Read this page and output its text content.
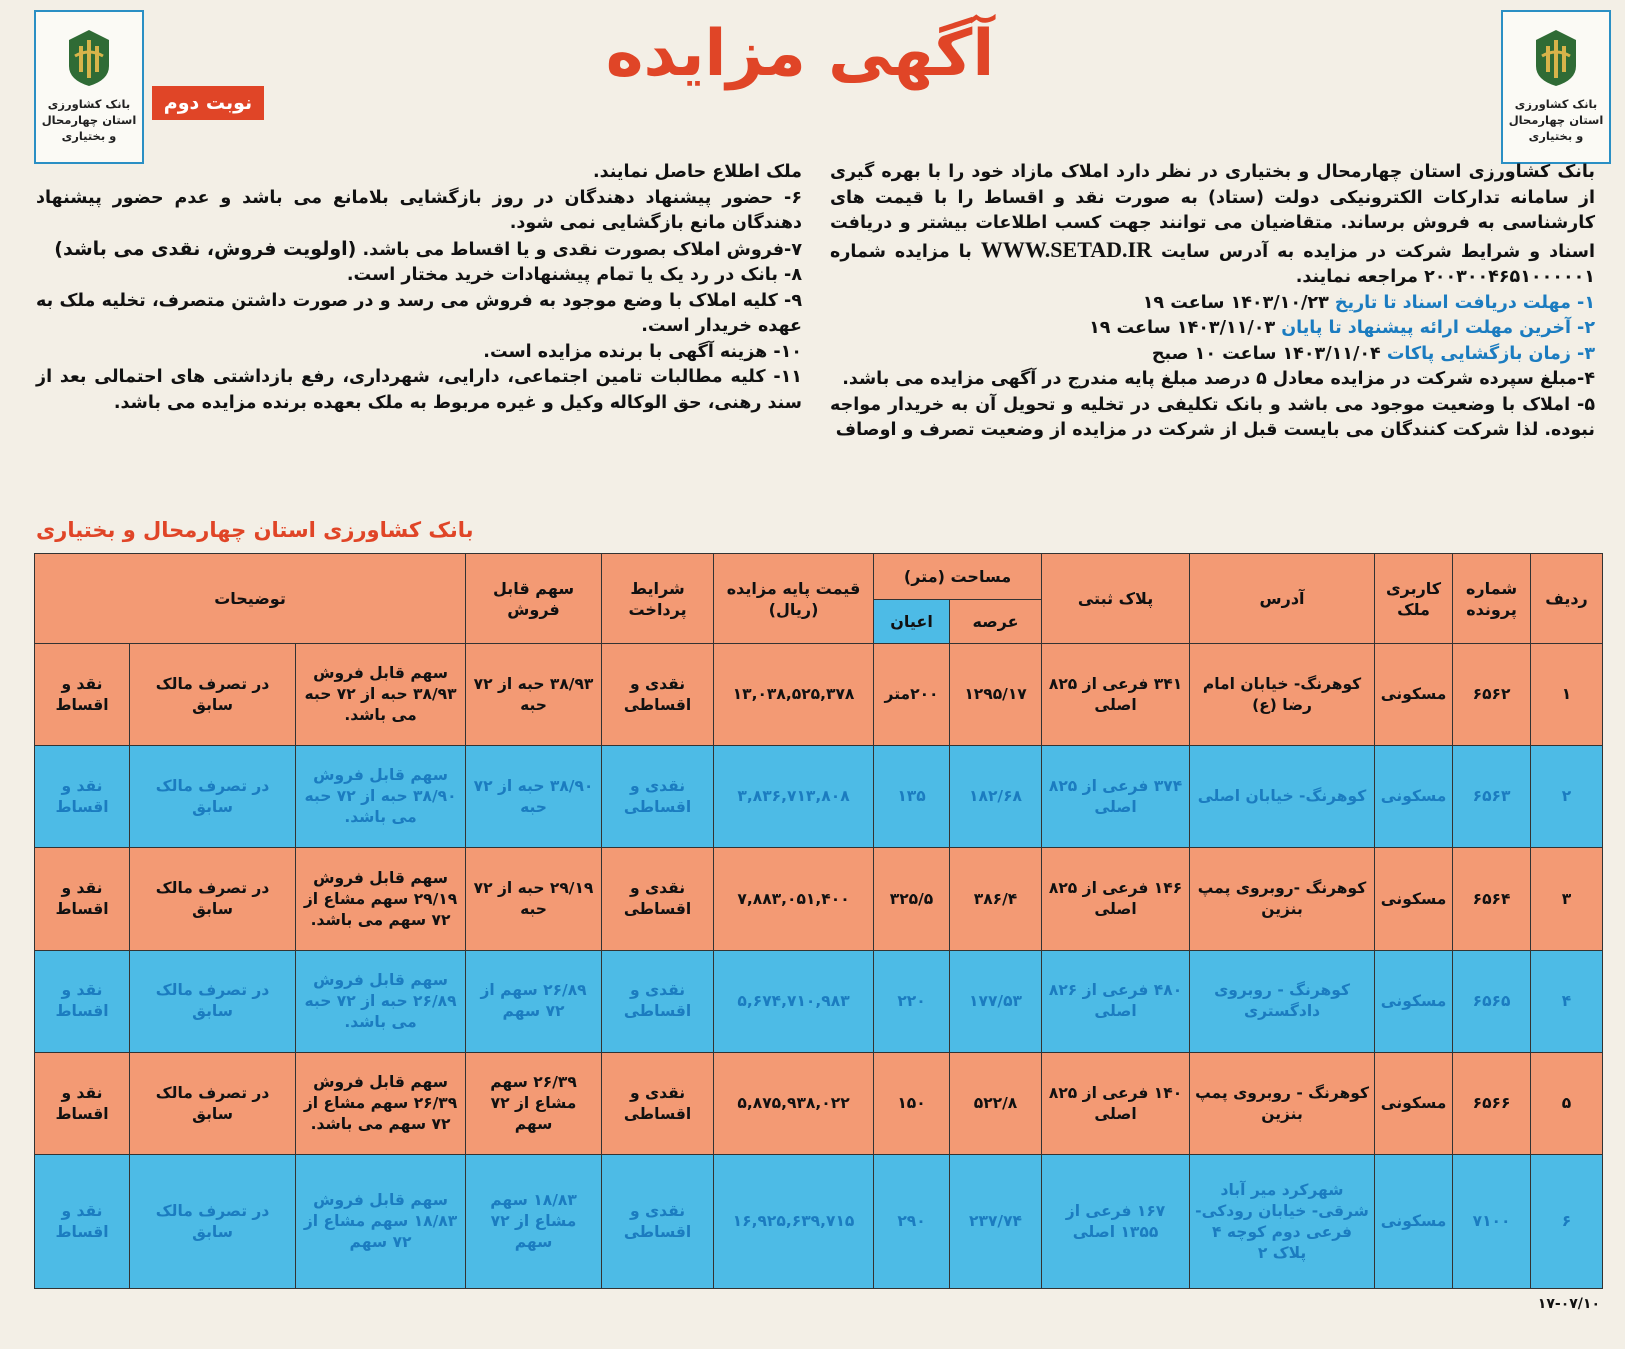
بانک کشاورزی
استان چهارمحال
و بختیاری
بانک کشاورزی
استان چهارمحال
و بختیاری
آگهی مزایده
نوبت دوم

بانک کشاورزی استان چهارمحال و بختیاری در نظر دارد املاک مازاد خود را با بهره گیری از سامانه تدارکات الکترونیکی دولت (ستاد) به صورت نقد و اقساط را با قیمت های کارشناسی به فروش برساند. متقاضیان می توانند جهت کسب اطلاعات بیشتر و دریافت اسناد و شرایط شرکت در مزایده به آدرس سایت WWW.SETAD.IR با مزایده شماره ۲۰۰۳۰۰۴۶۵۱۰۰۰۰۰۱ مراجعه نمایند.

۱- مهلت دریافت اسناد تا تاریخ ۱۴۰۳/۱۰/۲۳ ساعت ۱۹

۲- آخرین مهلت ارائه پیشنهاد تا پایان ۱۴۰۳/۱۱/۰۳ ساعت ۱۹

۳- زمان بازگشایی پاکات ۱۴۰۳/۱۱/۰۴ ساعت ۱۰ صبح

۴-مبلغ سپرده شرکت در مزایده معادل ۵ درصد مبلغ پایه مندرج در آگهی مزایده می باشد.

۵- املاک با وضعیت موجود می باشد و بانک تکلیفی در تخلیه و تحویل آن به خریدار مواجه نبوده. لذا شرکت کنندگان می بایست قبل از شرکت در مزایده از وضعیت تصرف و اوصاف

ملک اطلاع حاصل نمایند.

۶- حضور پیشنهاد دهندگان در روز بازگشایی بلامانع می باشد و عدم حضور پیشنهاد دهندگان مانع بازگشایی نمی شود.

۷-فروش املاک بصورت نقدی و یا اقساط می باشد. (اولویت فروش، نقدی می باشد)

۸- بانک در رد یک یا تمام پیشنهادات خرید مختار است.

۹- کلیه املاک با وضع موجود به فروش می رسد و در صورت داشتن متصرف، تخلیه ملک به عهده خریدار است.

۱۰- هزینه آگهی با برنده مزایده است.

۱۱- کلیه مطالبات تامین اجتماعی، دارایی، شهرداری، رفع بازداشتی های احتمالی بعد از سند رهنی، حق الوکاله وکیل و غیره مربوط به ملک بعهده برنده مزایده می باشد.

بانک کشاورزی استان چهارمحال و بختیاری
ردیف	شماره پرونده	کاربری ملک	آدرس	پلاک ثبتی	مساحت (متر)		قیمت پایه مزایده (ریال)	شرایط پرداخت	سهم قابل فروش	توضیحات		
					عرصه	اعیان						
۱	۶۵۶۲	مسکونی	کوهرنگ- خیابان امام رضا (ع)	۳۴۱ فرعی از ۸۲۵ اصلی	۱۲۹۵/۱۷	۲۰۰متر	۱۳,۰۳۸,۵۲۵,۳۷۸	نقدی و اقساطی	۳۸/۹۳ حبه از ۷۲ حبه	سهم قابل فروش ۳۸/۹۳ حبه از ۷۲ حبه می باشد.	در تصرف مالک سابق	نقد و اقساط
۲	۶۵۶۳	مسکونی	کوهرنگ- خیابان اصلی	۳۷۴ فرعی از ۸۲۵ اصلی	۱۸۲/۶۸	۱۳۵	۳,۸۳۶,۷۱۳,۸۰۸	نقدی و اقساطی	۳۸/۹۰ حبه از ۷۲ حبه	سهم قابل فروش ۳۸/۹۰ حبه از ۷۲ حبه می باشد.	در تصرف مالک سابق	نقد و اقساط
۳	۶۵۶۴	مسکونی	کوهرنگ -روبروی پمپ بنزین	۱۴۶ فرعی از ۸۲۵ اصلی	۳۸۶/۴	۳۲۵/۵	۷,۸۸۳,۰۵۱,۴۰۰	نقدی و اقساطی	۲۹/۱۹ حبه از ۷۲ حبه	سهم قابل فروش ۲۹/۱۹ سهم مشاع از ۷۲ سهم می باشد.	در تصرف مالک سابق	نقد و اقساط
۴	۶۵۶۵	مسکونی	کوهرنگ - روبروی دادگستری	۴۸۰ فرعی از ۸۲۶ اصلی	۱۷۷/۵۳	۲۲۰	۵,۶۷۴,۷۱۰,۹۸۳	نقدی و اقساطی	۲۶/۸۹ سهم از ۷۲ سهم	سهم قابل فروش ۲۶/۸۹ حبه از ۷۲ حبه می باشد.	در تصرف مالک سابق	نقد و اقساط
۵	۶۵۶۶	مسکونی	کوهرنگ - روبروی پمپ بنزین	۱۴۰ فرعی از ۸۲۵ اصلی	۵۲۲/۸	۱۵۰	۵,۸۷۵,۹۳۸,۰۲۲	نقدی و اقساطی	۲۶/۳۹ سهم مشاع از ۷۲ سهم	سهم قابل فروش ۲۶/۳۹ سهم مشاع از ۷۲ سهم می باشد.	در تصرف مالک سابق	نقد و اقساط
۶	۷۱۰۰	مسکونی	شهرکرد میر آباد شرقی- خیابان رودکی- فرعی دوم کوچه ۴ پلاک ۲	۱۶۷ فرعی از ۱۳۵۵ اصلی	۲۳۷/۷۴	۲۹۰	۱۶,۹۲۵,۶۳۹,۷۱۵	نقدی و اقساطی	۱۸/۸۳ سهم مشاع از ۷۲ سهم	سهم قابل فروش ۱۸/۸۳ سهم مشاع از ۷۲ سهم	در تصرف مالک سابق	نقد و اقساط
۱۷-۰۷/۱۰
